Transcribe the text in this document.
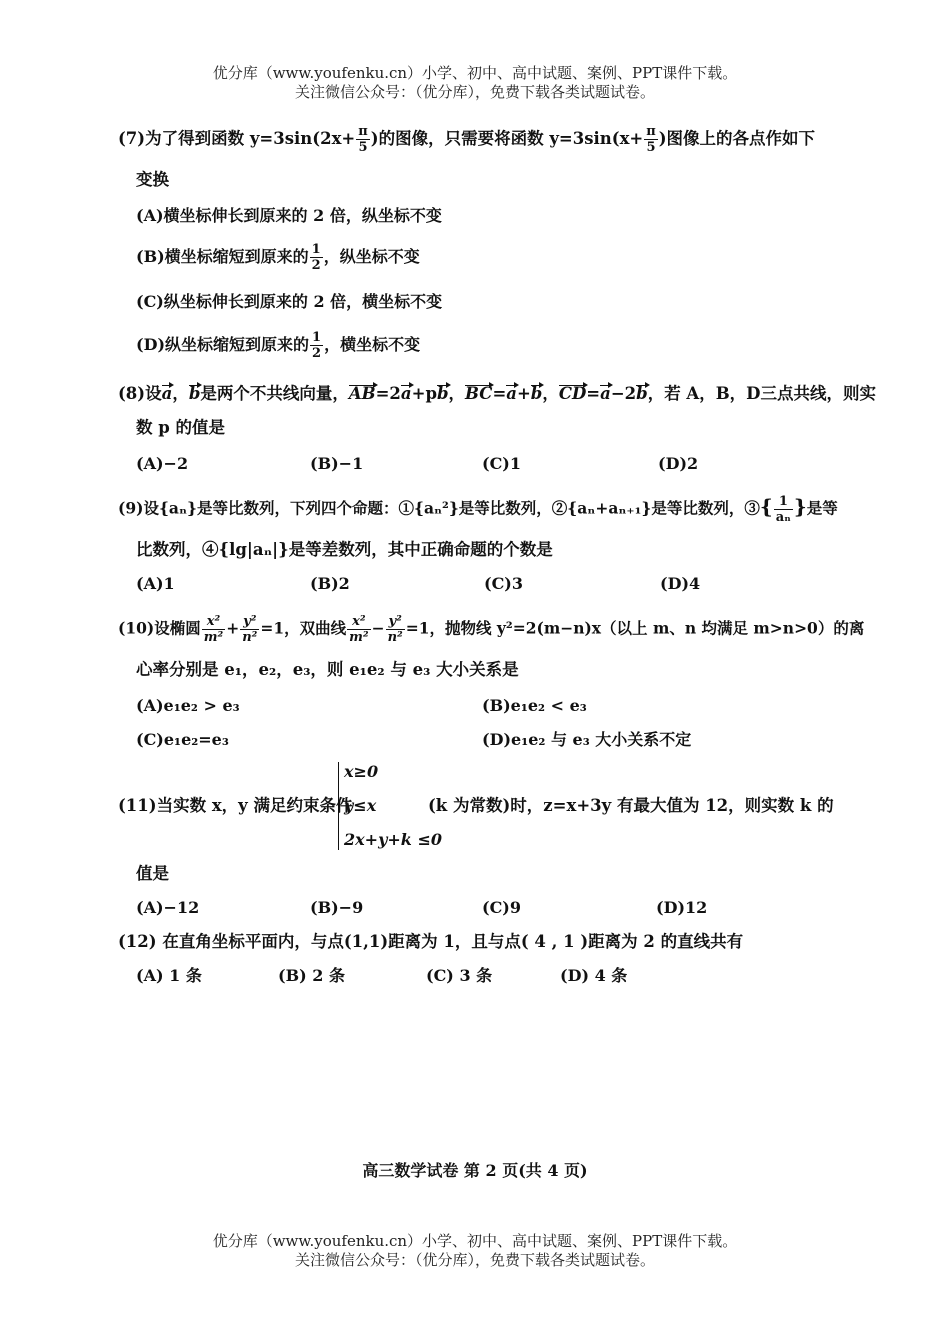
优分库（www.youfenku.cn）小学、初中、高中试题、案例、PPT课件下载。
关注微信公众号：（优分库），免费下载各类试题试卷。
(7)为了得到函数 $y=3\sin(2x+ \frac{\pi}{5}$ )的图像，只需要将函数 $y=3\sin(x+ \frac{\pi}{5}$ )图像上的各点作如下
变换
(A)横坐标伸长到原来的 2 倍，纵坐标不变
(B)横坐标缩短到原来的 $\frac{1}{2}$ ，纵坐标不变
(C)纵坐标伸长到原来的 2 倍，横坐标不变
(D)纵坐标缩短到原来的 $\frac{1}{2}$ ，横坐标不变
(8)设a，b是两个不共线向量，AB=2a+pb，BC=a+b，CD=a−2b，若 A，B，D三点共线，则实
数 p 的值是
(A)−2	(B)−1	(C)1	(D)2
(9)设{aₙ}是等比数列，下列四个命题：①{aₙ²}是等比数列，②{aₙ+aₙ₊₁}是等比数列，③{ $\frac{1}{\text{aₙ}}$ }是等
比数列，④{lg|aₙ|}是等差数列，其中正确命题的个数是
(A)1	(B)2	(C)3	(D)4
(10)设椭圆 $\frac{\text{x²}}{\text{m²}} + \frac{\text{y²}}{\text{n²}} =1$，双曲线 $\frac{\text{x²}}{\text{m²}} - \frac{\text{y²}}{\text{n²}} =1$，抛物线 y²=2(m−n)x（以上 m、n 均满足 m>n>0）的离
心率分别是 e₁，e₂，e₃，则 e₁e₂ 与 e₃ 大小关系是
(A)e₁e₂ > e₃	(B)e₁e₂ < e₃
(C)e₁e₂=e₃	(D)e₁e₂ 与 e₃ 大小关系不定
(11)当实数 x，y 满足约束条件
x≥0
y≤x
2x+y+k ≤0
(k 为常数)时，z=x+3y 有最大值为 12，则实数 k 的
值是
(A)−12	(B)−9	(C)9	(D)12
(12) 在直角坐标平面内，与点(1,1)距离为 1，且与点( 4 , 1 )距离为 2 的直线共有
(A) 1 条	(B) 2 条	(C) 3 条	(D) 4 条
高三数学试卷 第 2 页(共 4 页)
优分库（www.youfenku.cn）小学、初中、高中试题、案例、PPT课件下载。
关注微信公众号：（优分库），免费下载各类试题试卷。
